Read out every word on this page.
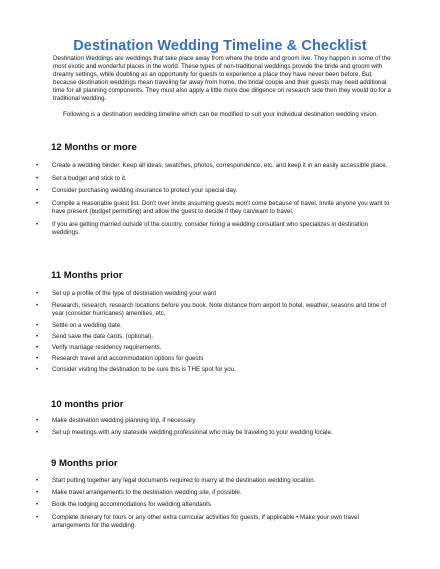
Destination Wedding Timeline & Checklist
Destination Weddings are weddings that take place away from where the bride and groom live. They happen in some of the most exotic and wonderful places in the world. These types of non-traditional weddings provide the bride and groom with dreamy settings, while doubling as an opportunity for guests to experience a place they have never been before. But, because destination weddings mean traveling far away from home, the bridal couple and their guests may need additional time for all planning components. They must also apply a little more due diligence on research side then they would do for a traditional wedding.
Following is a destination wedding timeline which can be modified to suit your individual destination wedding vision.
12 Months or more
• Create a wedding binder. Keep all ideas, swatches, photos, correspondence, etc. and keep it in an easily accessible place.
• Set a budget and stick to it.
• Consider purchasing wedding insurance to protect your special day.
• Compile a reasonable guest list. Don't over invite assuming guests won't come because of travel. Invite anyone you want to have present (budget permitting) and allow the guest to decide if they can/want to travel.
• If you are getting married outside of the country, consider hiring a wedding consultant who specializes in destination weddings.
11 Months prior
• Set up a profile of the type of destination wedding your want
• Research, research, research locations before you book. Note distance from airport to hotel, weather, seasons and time of year (consider hurricanes) amenities, etc.
• Settle on a wedding date.
• Send save the date cards. (optional).
• Verify marriage residency requirements.
• Research travel and accommodation options for guests
• Consider visiting the destination to be sure this is THE spot for you.
10 months prior
• Make destination wedding planning trip, if necessary
• Set up meetings with any stateside wedding professional who may be traveling to your wedding locale.
9 Months prior
• Start putting together any legal documents required to marry at the destination wedding location.
• Make travel arrangements to the destination wedding site, if possible.
• Book the lodging accommodations for wedding attendants
• Complete itinerary for tours or any other extra curricular activities for guests, if applicable • Make your own travel arrangements for the wedding.
